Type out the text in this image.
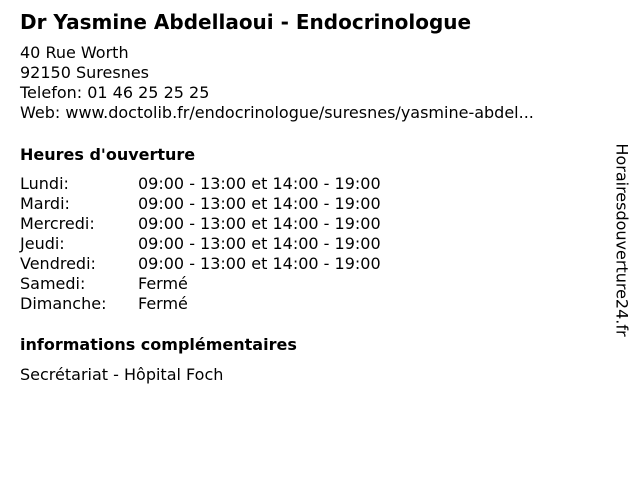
Dr Yasmine Abdellaoui - Endocrinologue
40 Rue Worth
92150 Suresnes
Telefon: 01 46 25 25 25
Web: www.doctolib.fr/endocrinologue/suresnes/yasmine-abdel...
Heures d'ouverture
Lundi:	09:00 - 13:00 et 14:00 - 19:00
Mardi:	09:00 - 13:00 et 14:00 - 19:00
Mercredi:	09:00 - 13:00 et 14:00 - 19:00
Jeudi:	09:00 - 13:00 et 14:00 - 19:00
Vendredi:	09:00 - 13:00 et 14:00 - 19:00
Samedi:	Fermé
Dimanche: Fermé
informations complémentaires
Secrétariat - Hôpital Foch
Horairesdouverture24.fr
